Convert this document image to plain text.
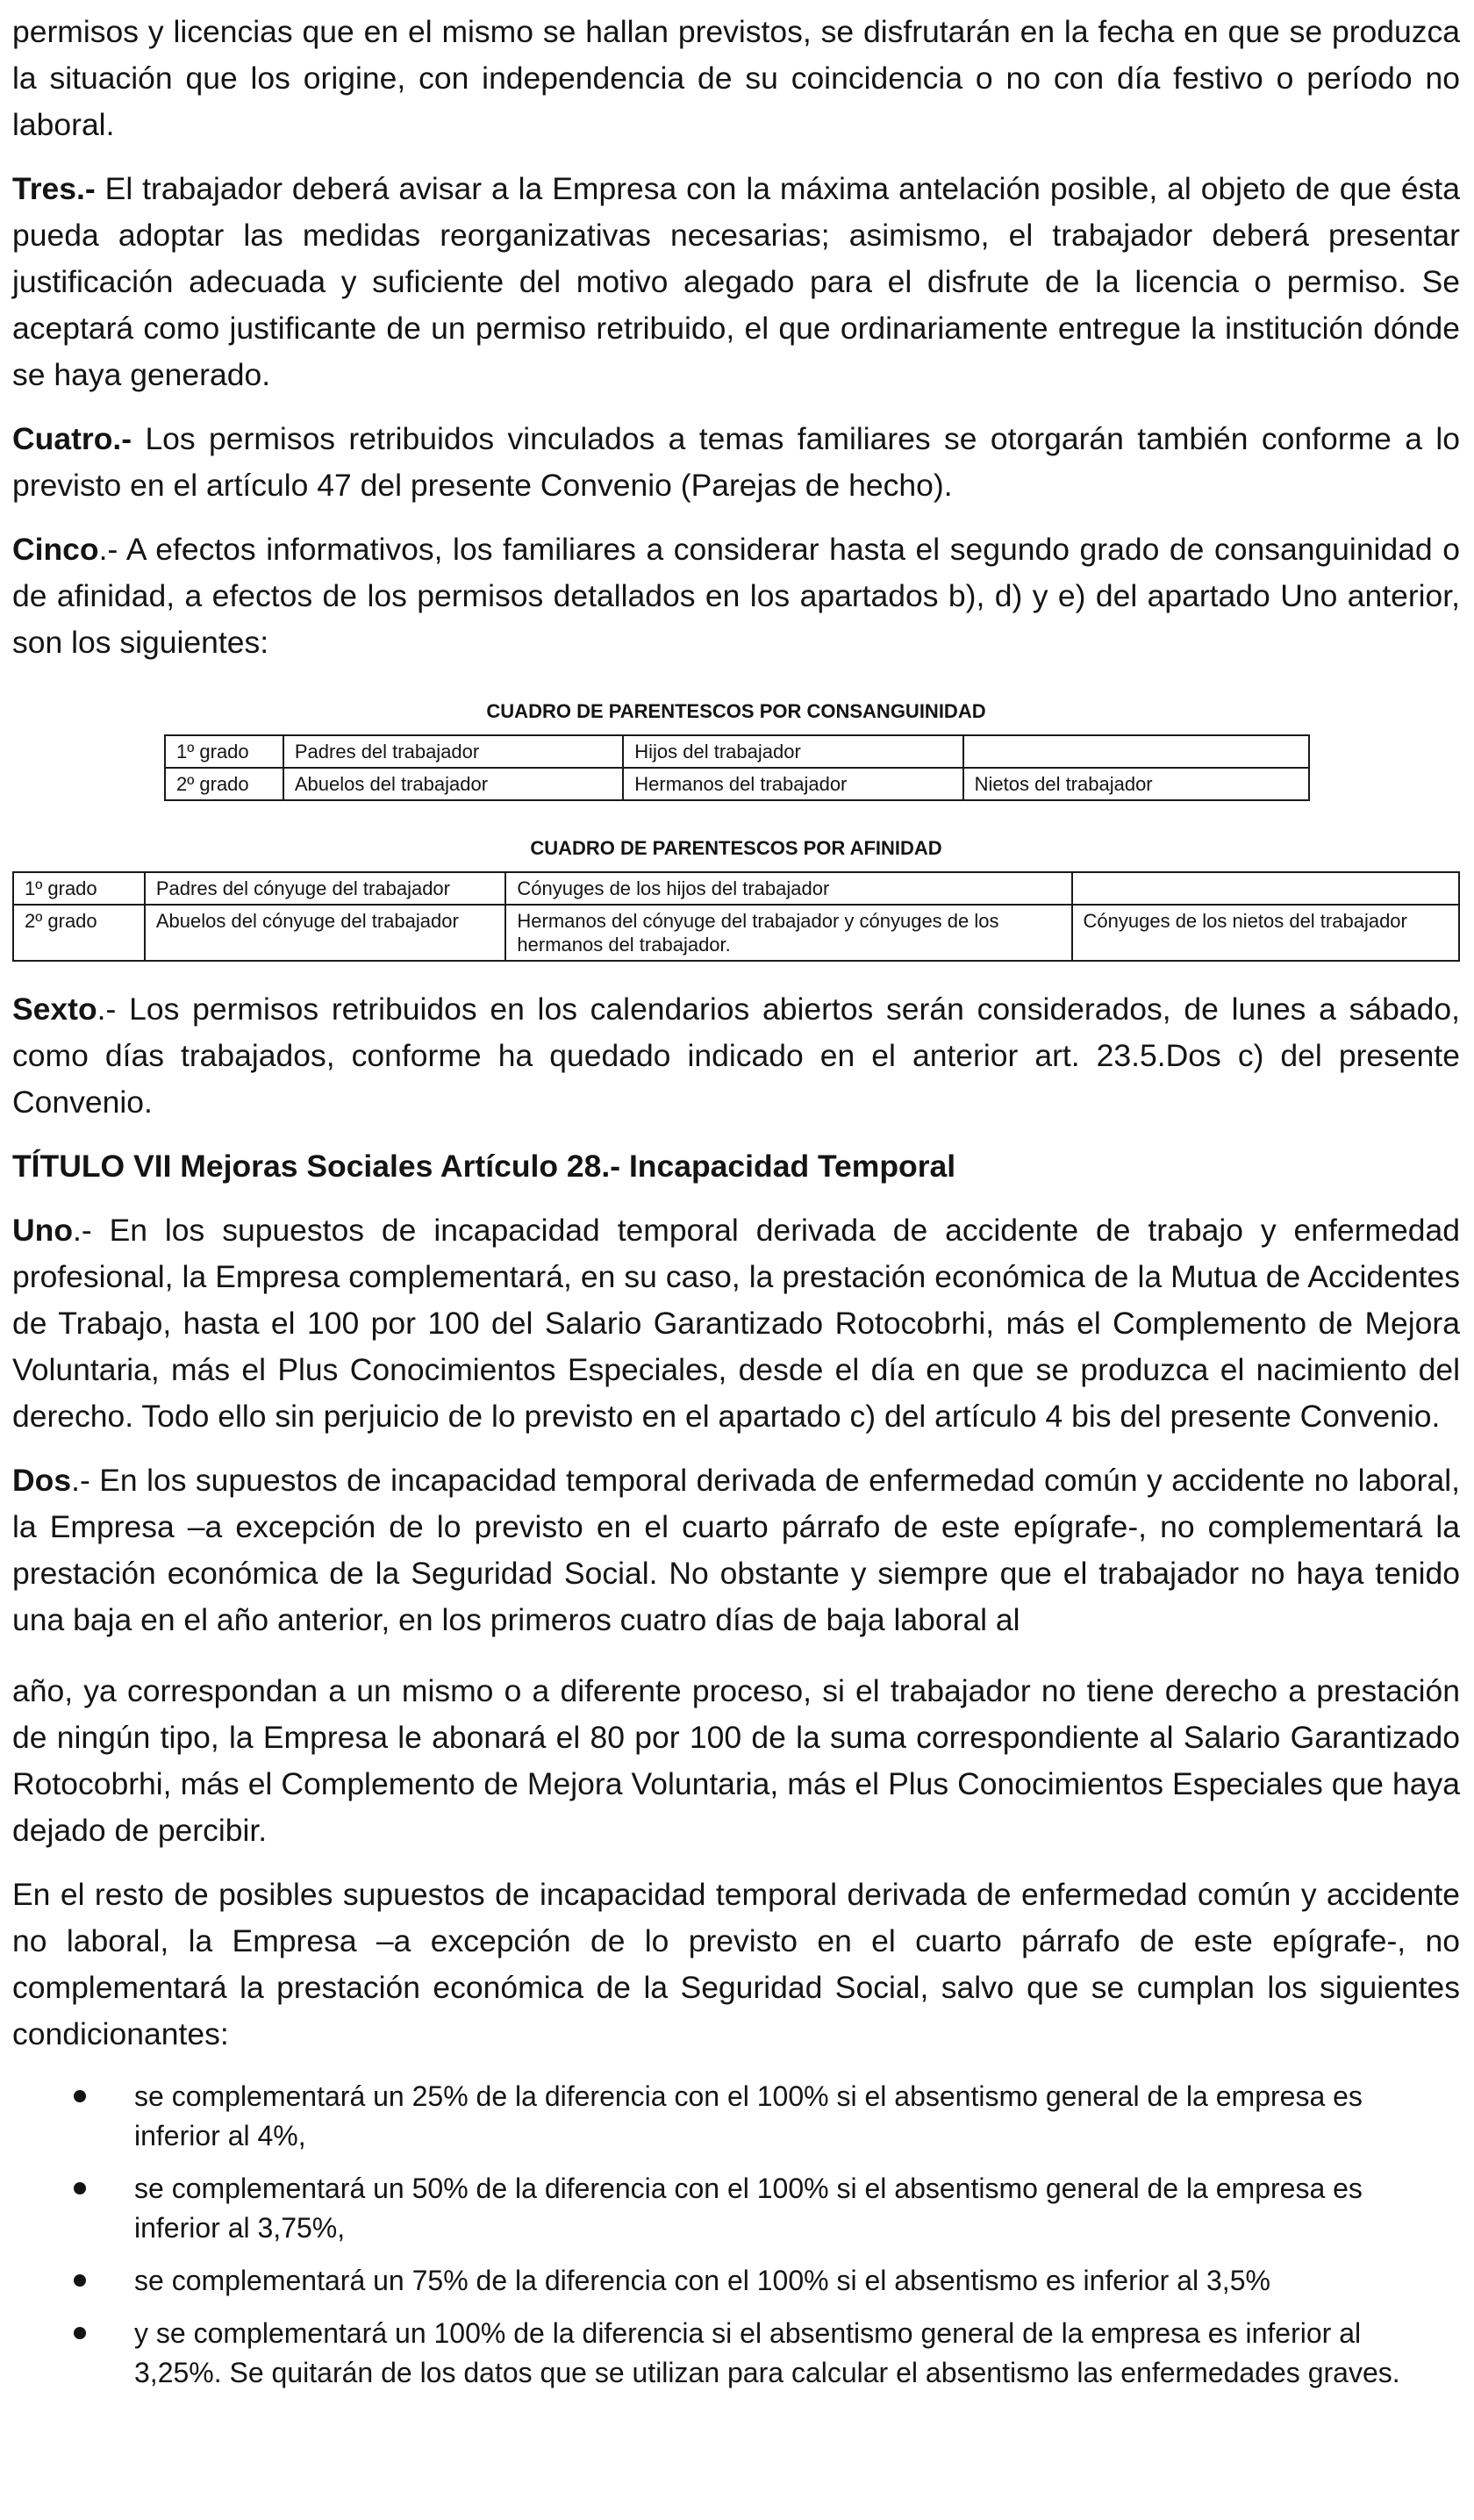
permisos y licencias que en el mismo se hallan previstos, se disfrutarán en la fecha en que se produzca la situación que los origine, con independencia de su coincidencia o no con día festivo o período no laboral.

Tres.- El trabajador deberá avisar a la Empresa con la máxima antelación posible, al objeto de que ésta pueda adoptar las medidas reorganizativas necesarias; asimismo, el trabajador deberá presentar justificación adecuada y suficiente del motivo alegado para el disfrute de la licencia o permiso. Se aceptará como justificante de un permiso retribuido, el que ordinariamente entregue la institución dónde se haya generado.

Cuatro.- Los permisos retribuidos vinculados a temas familiares se otorgarán también conforme a lo previsto en el artículo 47 del presente Convenio (Parejas de hecho).

Cinco.- A efectos informativos, los familiares a considerar hasta el segundo grado de consanguinidad o de afinidad, a efectos de los permisos detallados en los apartados b), d) y e) del apartado Uno anterior, son los siguientes:

CUADRO DE PARENTESCOS POR CONSANGUINIDAD

1º grado	Padres del trabajador	Hijos del trabajador	
2º grado	Abuelos del trabajador	Hermanos del trabajador	Nietos del trabajador

CUADRO DE PARENTESCOS POR AFINIDAD

1º grado	Padres del cónyuge del trabajador	Cónyuges de los hijos del trabajador	
2º grado	Abuelos del cónyuge del trabajador	Hermanos del cónyuge del trabajador y cónyuges de los hermanos del trabajador.	Cónyuges de los nietos del trabajador

Sexto.- Los permisos retribuidos en los calendarios abiertos serán considerados, de lunes a sábado, como días trabajados, conforme ha quedado indicado en el anterior art. 23.5.Dos c) del presente Convenio.

TÍTULO VII Mejoras Sociales Artículo 28.- Incapacidad Temporal

Uno.- En los supuestos de incapacidad temporal derivada de accidente de trabajo y enfermedad profesional, la Empresa complementará, en su caso, la prestación económica de la Mutua de Accidentes de Trabajo, hasta el 100 por 100 del Salario Garantizado Rotocobrhi, más el Complemento de Mejora Voluntaria, más el Plus Conocimientos Especiales, desde el día en que se produzca el nacimiento del derecho. Todo ello sin perjuicio de lo previsto en el apartado c) del artículo 4 bis del presente Convenio.

Dos.- En los supuestos de incapacidad temporal derivada de enfermedad común y accidente no laboral, la Empresa –a excepción de lo previsto en el cuarto párrafo de este epígrafe-, no complementará la prestación económica de la Seguridad Social. No obstante y siempre que el trabajador no haya tenido una baja en el año anterior, en los primeros cuatro días de baja laboral al

año, ya correspondan a un mismo o a diferente proceso, si el trabajador no tiene derecho a prestación de ningún tipo, la Empresa le abonará el 80 por 100 de la suma correspondiente al Salario Garantizado Rotocobrhi, más el Complemento de Mejora Voluntaria, más el Plus Conocimientos Especiales que haya dejado de percibir.

En el resto de posibles supuestos de incapacidad temporal derivada de enfermedad común y accidente no laboral, la Empresa –a excepción de lo previsto en el cuarto párrafo de este epígrafe-, no complementará la prestación económica de la Seguridad Social, salvo que se cumplan los siguientes condicionantes:

se complementará un 25% de la diferencia con el 100% si el absentismo general de la empresa es inferior al 4%,
se complementará un 50% de la diferencia con el 100% si el absentismo general de la empresa es inferior al 3,75%,
se complementará un 75% de la diferencia con el 100% si el absentismo es inferior al 3,5%
y se complementará un 100% de la diferencia si el absentismo general de la empresa es inferior al 3,25%. Se quitarán de los datos que se utilizan para calcular el absentismo las enfermedades graves.
